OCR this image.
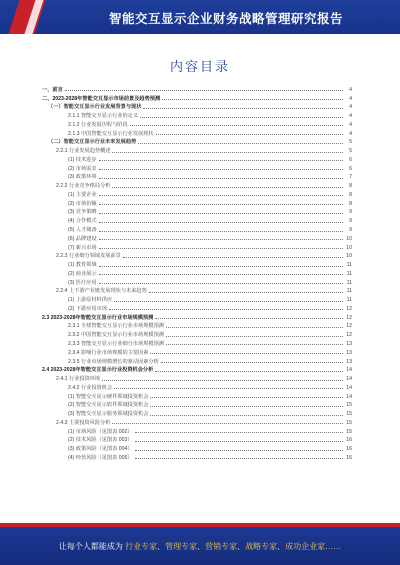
智能交互显示企业财务战略管理研究报告
内容目录
一、前言	4
二、2023-2028年智能交互显示市场前景及趋势预测	4
（一）智能交互显示行业发展背景与现状	4
2.1.1 智能交互显示行业的定义	4
2.1.2 行业发展历程与阶段	4
2.1.3 中国智能交互显示行业发展现状	4
（二）智能交互显示行业未来发展趋势	5
2.2.1 行业发展趋势概述	5
(1) 技术进步	6
(2) 市场需求	6
(3) 政策环境	7
2.2.2 行业竞争格局分析	8
(1) 主要企业	8
(2) 市场份额	8
(3) 竞争策略	9
(4) 合作模式	9
(5) 人才储备	9
(6) 品牌建设	10
(7) 新兴市场	10
2.2.3 行业细分领域发展前景	10
(1) 教育领域	11
(2) 商业展示	11
(3) 医疗应用	11
2.2.4 上下游产业链发展现状与未来趋势	11
(1) 上游原材料供应	11
(2) 下游应用市场	12
2.3 2023-2028年智能交互显示行业市场规模预测	12
2.3.1 全球智能交互显示行业市场规模预测	12
2.3.2 中国智能交互显示行业市场规模预测	12
2.3.3 智能交互显示行业细分市场规模预测	13
2.3.4 影响行业市场规模的主要因素	13
2.3.5 行业市场规模增长的驱动因素分析	13
2.4 2023-2028年智能交互显示行业投资机会分析	14
2.4.1 行业投资环境	14
2.4.2 行业投资机会	14
(1) 智能交互显示硬件领域投资机会	14
(2) 智能交互显示软件领域投资机会	15
(3) 智能交互显示服务领域投资机会	15
2.4.3 主要投资风险分析	15
(1) 市场风险（见图表 002）	15
(2) 技术风险（见图表 003）	16
(3) 政策风险（见图表 004）	16
(4) 经营风险（见图表 005）	16
让每个人都能成为 行业专家、管理专家、营销专家、战略专家、成功企业家……
